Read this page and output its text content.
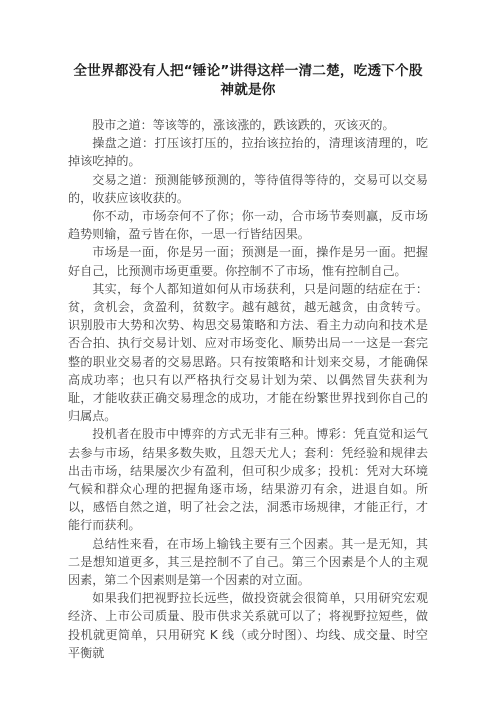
全世界都没有人把“锤论”讲得这样一清二楚，吃透下个股神就是你

股市之道：等该等的，涨该涨的，跌该跌的，灭该灭的。

操盘之道：打压该打压的，拉抬该拉抬的，清理该清理的，吃掉该吃掉的。

交易之道：预测能够预测的，等待值得等待的，交易可以交易的，收获应该收获的。

你不动，市场奈何不了你；你一动，合市场节奏则赢，反市场趋势则输，盈亏皆在你，一思一行皆结因果。

市场是一面，你是另一面；预测是一面，操作是另一面。把握好自己，比预测市场更重要。你控制不了市场，惟有控制自己。

其实，每个人都知道如何从市场获利，只是问题的结症在于：贫，贪机会，贪盈利，贫数字。越有越贫，越无越贪，由贪转亏。识别股市大势和次势、构思交易策略和方法、看主力动向和技术是否合拍、执行交易计划、应对市场变化、顺势出局一一这是一套完整的职业交易者的交易思路。只有按策略和计划来交易，才能确保高成功率；也只有以严格执行交易计划为荣、以偶然冒失获利为耻，才能收获正确交易理念的成功，才能在纷繁世界找到你自己的归属点。

投机者在股市中博弈的方式无非有三种。博彩：凭直觉和运气去参与市场，结果多数失败，且怨天尤人；套利：凭经验和规律去出击市场，结果屡次少有盈利，但可积少成多；投机：凭对大环境气候和群众心理的把握角逐市场，结果游刃有余，进退自如。所以，感悟自然之道，明了社会之法，洞悉市场规律，才能正行，才能行而获利。

总结性来看，在市场上输钱主要有三个因素。其一是无知，其二是想知道更多，其三是控制不了自己。第三个因素是个人的主观因素，第二个因素则是第一个因素的对立面。

如果我们把视野拉长远些，做投资就会很简单，只用研究宏观经济、上市公司质量、股市供求关系就可以了；将视野拉短些，做投机就更简单，只用研究 K 线（或分时图）、均线、成交量、时空平衡就
